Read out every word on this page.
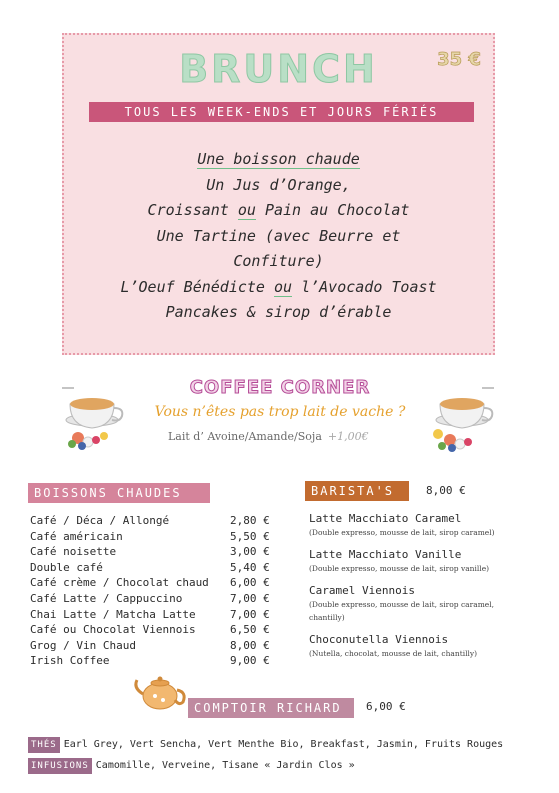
BRUNCH	35 €
TOUS LES WEEK-ENDS ET JOURS FÉRIÉS
Une boisson chaude
Un Jus d’Orange,
Croissant ou Pain au Chocolat
Une Tartine (avec Beurre et
Confiture)
L’Oeuf Bénédicte ou l’Avocado Toast
Pancakes & sirop d’érable
COFFEE CORNER
Vous n’êtes pas trop lait de vache ?
Lait d’ Avoine/Amande/Soja +1,00€
BOISSONS CHAUDES
Café / Déca / Allongé	2,80 €
Café américain	5,50 €
Café noisette	3,00 €
Double café	5,40 €
Café crème / Chocolat chaud 6,00 €
Café Latte / Cappuccino	7,00 €
Chai Latte / Matcha Latte	7,00 €
Café ou Chocolat Viennois	6,50 €
Grog / Vin Chaud	8,00 €
Irish Coffee	9,00 €
BARISTA'S	8,00 €
Latte Macchiato Caramel
(Double expresso, mousse de lait, sirop caramel)
Latte Macchiato Vanille
(Double expresso, mousse de lait, sirop vanille)
Caramel Viennois
(Double expresso, mousse de lait, sirop caramel, chantilly)
Choconutella Viennois
(Nutella, chocolat, mousse de lait, chantilly)
COMPTOIR RICHARD	6,00 €
THÉS Earl Grey, Vert Sencha, Vert Menthe Bio, Breakfast, Jasmin, Fruits Rouges
INFUSIONS Camomille, Verveine, Tisane « Jardin Clos »
